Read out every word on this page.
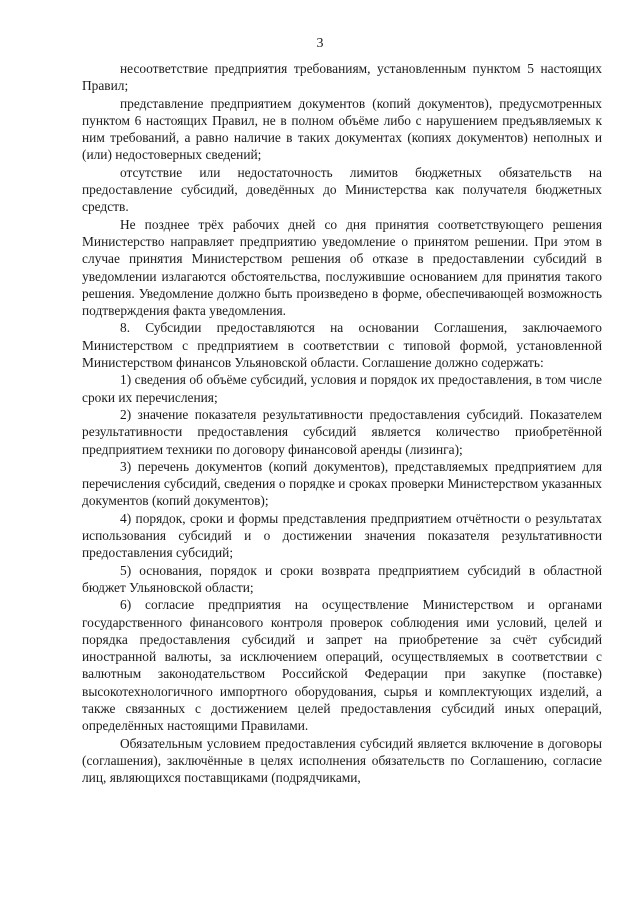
3

несоответствие предприятия требованиям, установленным пунктом 5 настоящих Правил;

представление предприятием документов (копий документов), предусмотренных пунктом 6 настоящих Правил, не в полном объёме либо с нарушением предъявляемых к ним требований, а равно наличие в таких документах (копиях документов) неполных и (или) недостоверных сведений;

отсутствие или недостаточность лимитов бюджетных обязательств на предоставление субсидий, доведённых до Министерства как получателя бюджетных средств.

Не позднее трёх рабочих дней со дня принятия соответствующего решения Министерство направляет предприятию уведомление о принятом решении. При этом в случае принятия Министерством решения об отказе в предоставлении субсидий в уведомлении излагаются обстоятельства, послужившие основанием для принятия такого решения. Уведомление должно быть произведено в форме, обеспечивающей возможность подтверждения факта уведомления.

8. Субсидии предоставляются на основании Соглашения, заключаемого Министерством с предприятием в соответствии с типовой формой, установленной Министерством финансов Ульяновской области. Соглашение должно содержать:

1) сведения об объёме субсидий, условия и порядок их предоставления, в том числе сроки их перечисления;

2) значение показателя результативности предоставления субсидий. Показателем результативности предоставления субсидий является количество приобретённой предприятием техники по договору финансовой аренды (лизинга);

3) перечень документов (копий документов), представляемых предприятием для перечисления субсидий, сведения о порядке и сроках проверки Министерством указанных документов (копий документов);

4) порядок, сроки и формы представления предприятием отчётности о результатах использования субсидий и о достижении значения показателя результативности предоставления субсидий;

5) основания, порядок и сроки возврата предприятием субсидий в областной бюджет Ульяновской области;

6) согласие предприятия на осуществление Министерством и органами государственного финансового контроля проверок соблюдения ими условий, целей и порядка предоставления субсидий и запрет на приобретение за счёт субсидий иностранной валюты, за исключением операций, осуществляемых в соответствии с валютным законодательством Российской Федерации при закупке (поставке) высокотехнологичного импортного оборудования, сырья и комплектующих изделий, а также связанных с достижением целей предоставления субсидий иных операций, определённых настоящими Правилами.

Обязательным условием предоставления субсидий является включение в договоры (соглашения), заключённые в целях исполнения обязательств по Соглашению, согласие лиц, являющихся поставщиками (подрядчиками,
